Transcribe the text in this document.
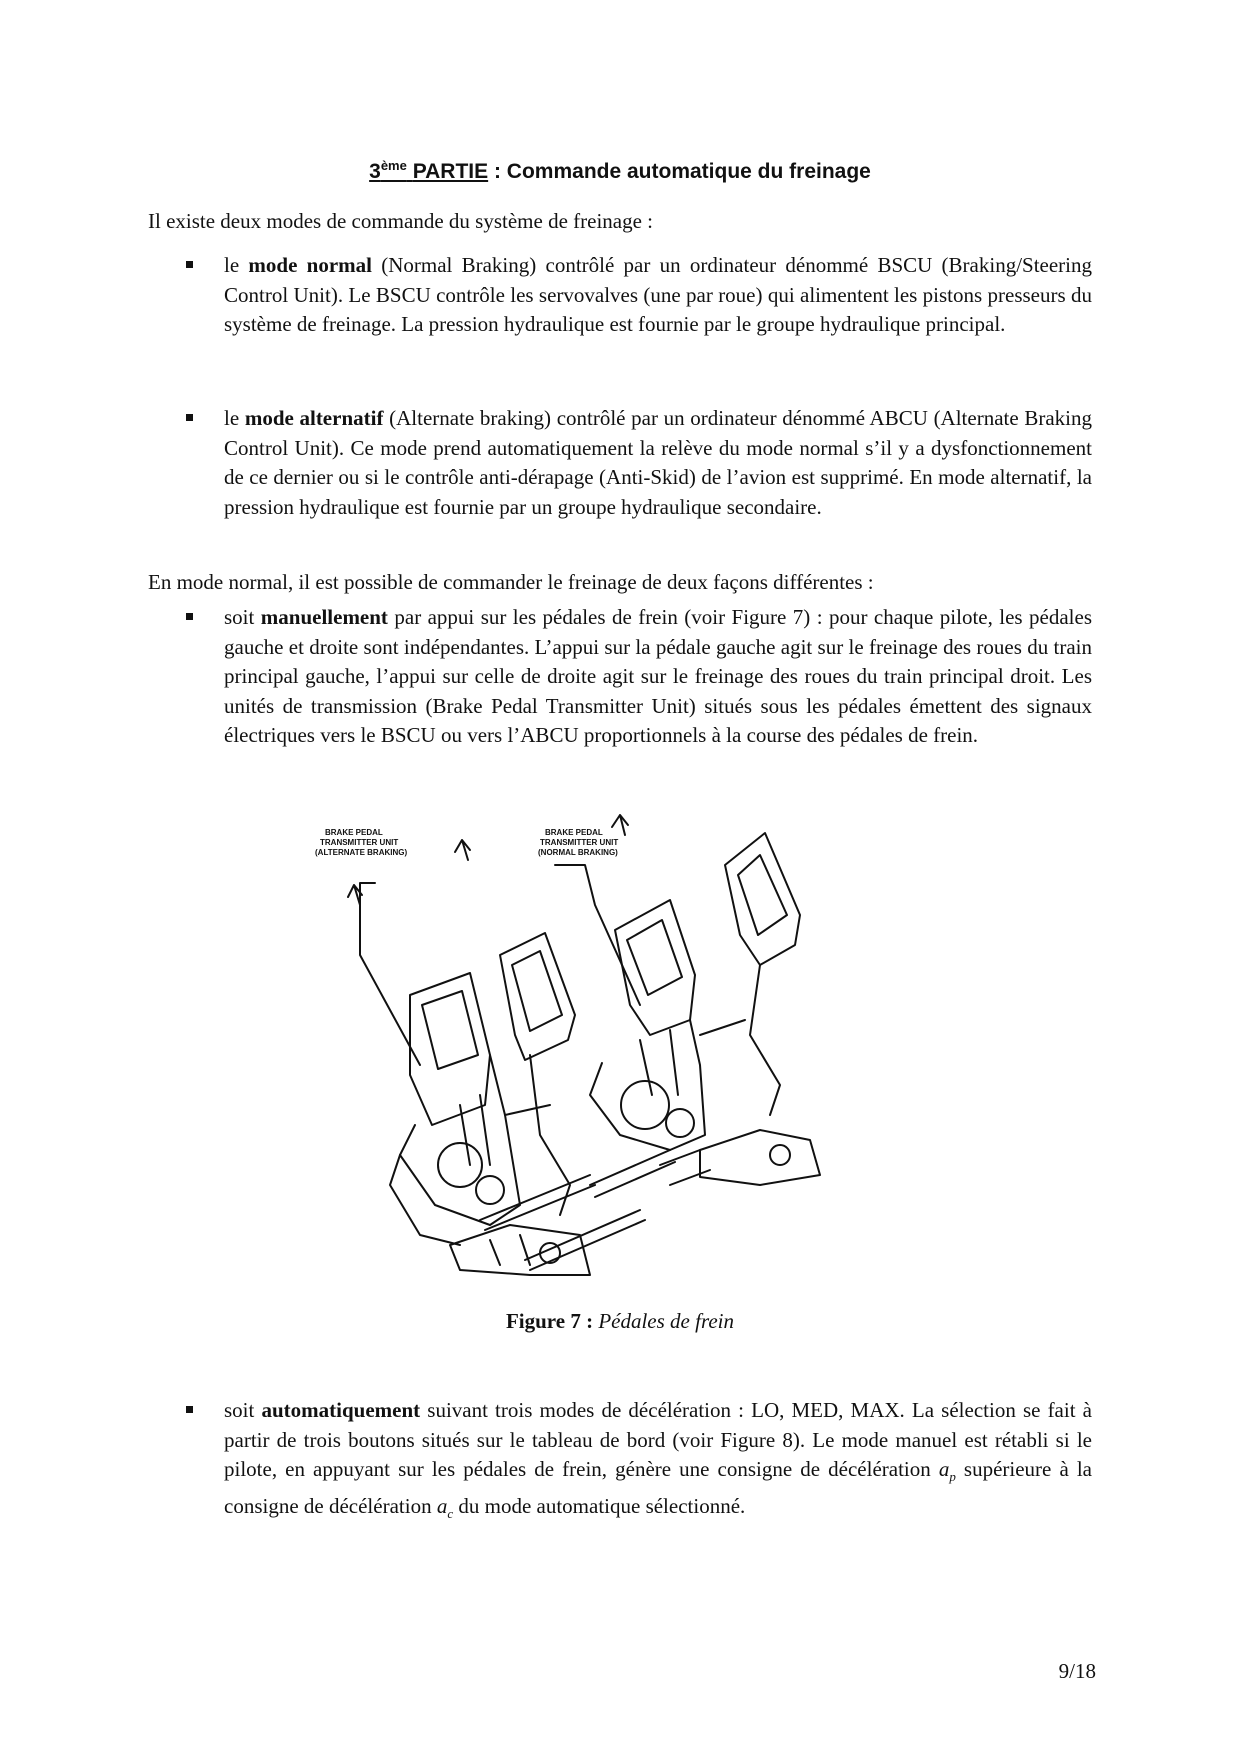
3ème PARTIE : Commande automatique du freinage

Il existe deux modes de commande du système de freinage :

le mode normal (Normal Braking) contrôlé par un ordinateur dénommé BSCU (Braking/Steering Control Unit). Le BSCU contrôle les servovalves (une par roue) qui alimentent les pistons presseurs du système de freinage. La pression hydraulique est fournie par le groupe hydraulique principal.
le mode alternatif (Alternate braking) contrôlé par un ordinateur dénommé ABCU (Alternate Braking Control Unit). Ce mode prend automatiquement la relève du mode normal s’il y a dysfonctionnement de ce dernier ou si le contrôle anti-dérapage (Anti-Skid) de l’avion est supprimé. En mode alternatif, la pression hydraulique est fournie par un groupe hydraulique secondaire.

En mode normal, il est possible de commander le freinage de deux façons différentes :

soit manuellement par appui sur les pédales de frein (voir Figure 7) : pour chaque pilote, les pédales gauche et droite sont indépendantes. L’appui sur la pédale gauche agit sur le freinage des roues du train principal gauche, l’appui sur celle de droite agit sur le freinage des roues du train principal droit. Les unités de transmission (Brake Pedal Transmitter Unit) situés sous les pédales émettent des signaux électriques vers le BSCU ou vers l’ABCU proportionnels à la course des pédales de frein.
BRAKE PEDAL
TRANSMITTER UNIT
(ALTERNATE BRAKING)
BRAKE PEDAL
TRANSMITTER UNIT
(NORMAL BRAKING)
Figure 7 : Pédales de frein
soit automatiquement suivant trois modes de décélération : LO, MED, MAX. La sélection se fait à partir de trois boutons situés sur le tableau de bord (voir Figure 8). Le mode manuel est rétabli si le pilote, en appuyant sur les pédales de frein, génère une consigne de décélération $a_p$ supérieure à la consigne de décélération $a_c$ du mode automatique sélectionné.
9/18
